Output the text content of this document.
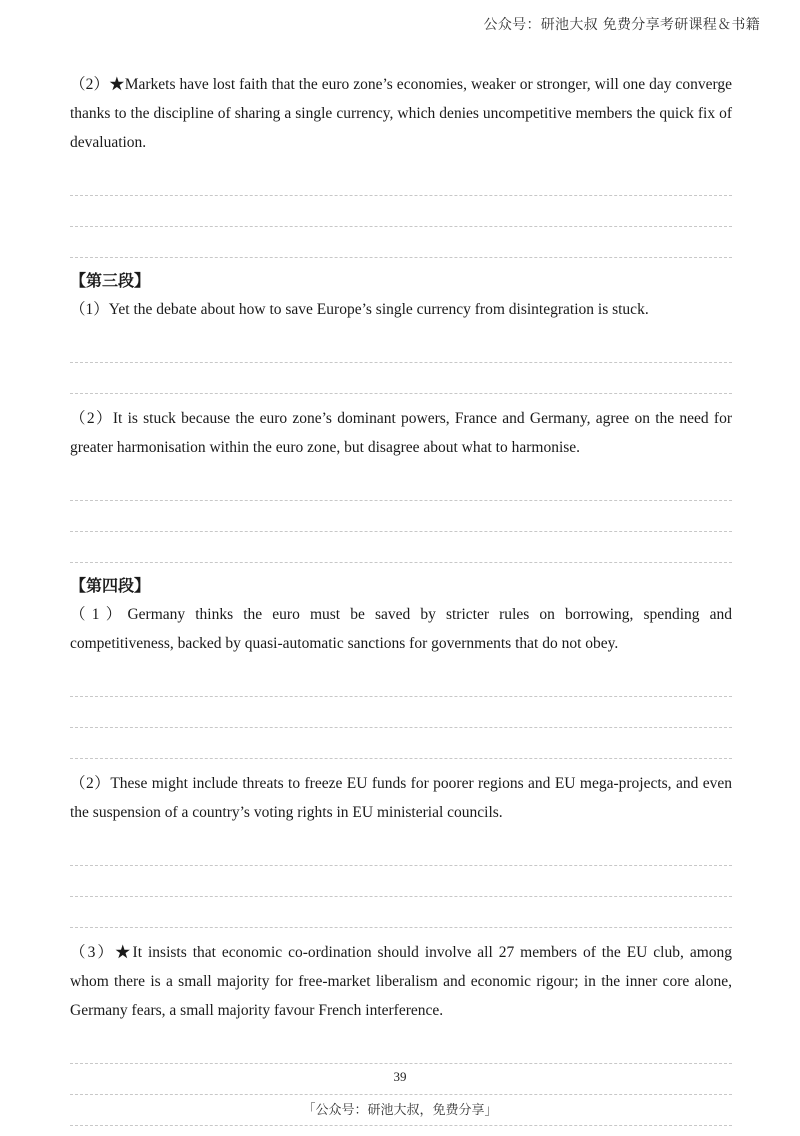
公众号：研池大叔 免费分享考研课程＆书籍

（2）★Markets have lost faith that the euro zone’s economies, weaker or stronger, will one day converge thanks to the discipline of sharing a single currency, which denies uncompetitive members the quick fix of devaluation.

【第三段】

（1）Yet the debate about how to save Europe’s single currency from disintegration is stuck.

（2）It is stuck because the euro zone’s dominant powers, France and Germany, agree on the need for greater harmonisation within the euro zone, but disagree about what to harmonise.

【第四段】

（1）Germany thinks the euro must be saved by stricter rules on borrowing, spending and competitiveness, backed by quasi-automatic sanctions for governments that do not obey.

（2）These might include threats to freeze EU funds for poorer regions and EU mega-projects, and even the suspension of a country’s voting rights in EU ministerial councils.

（3）★It insists that economic co-ordination should involve all 27 members of the EU club, among whom there is a small majority for free-market liberalism and economic rigour; in the inner core alone, Germany fears, a small majority favour French interference.

39
「公众号：研池大叔，免费分享」
